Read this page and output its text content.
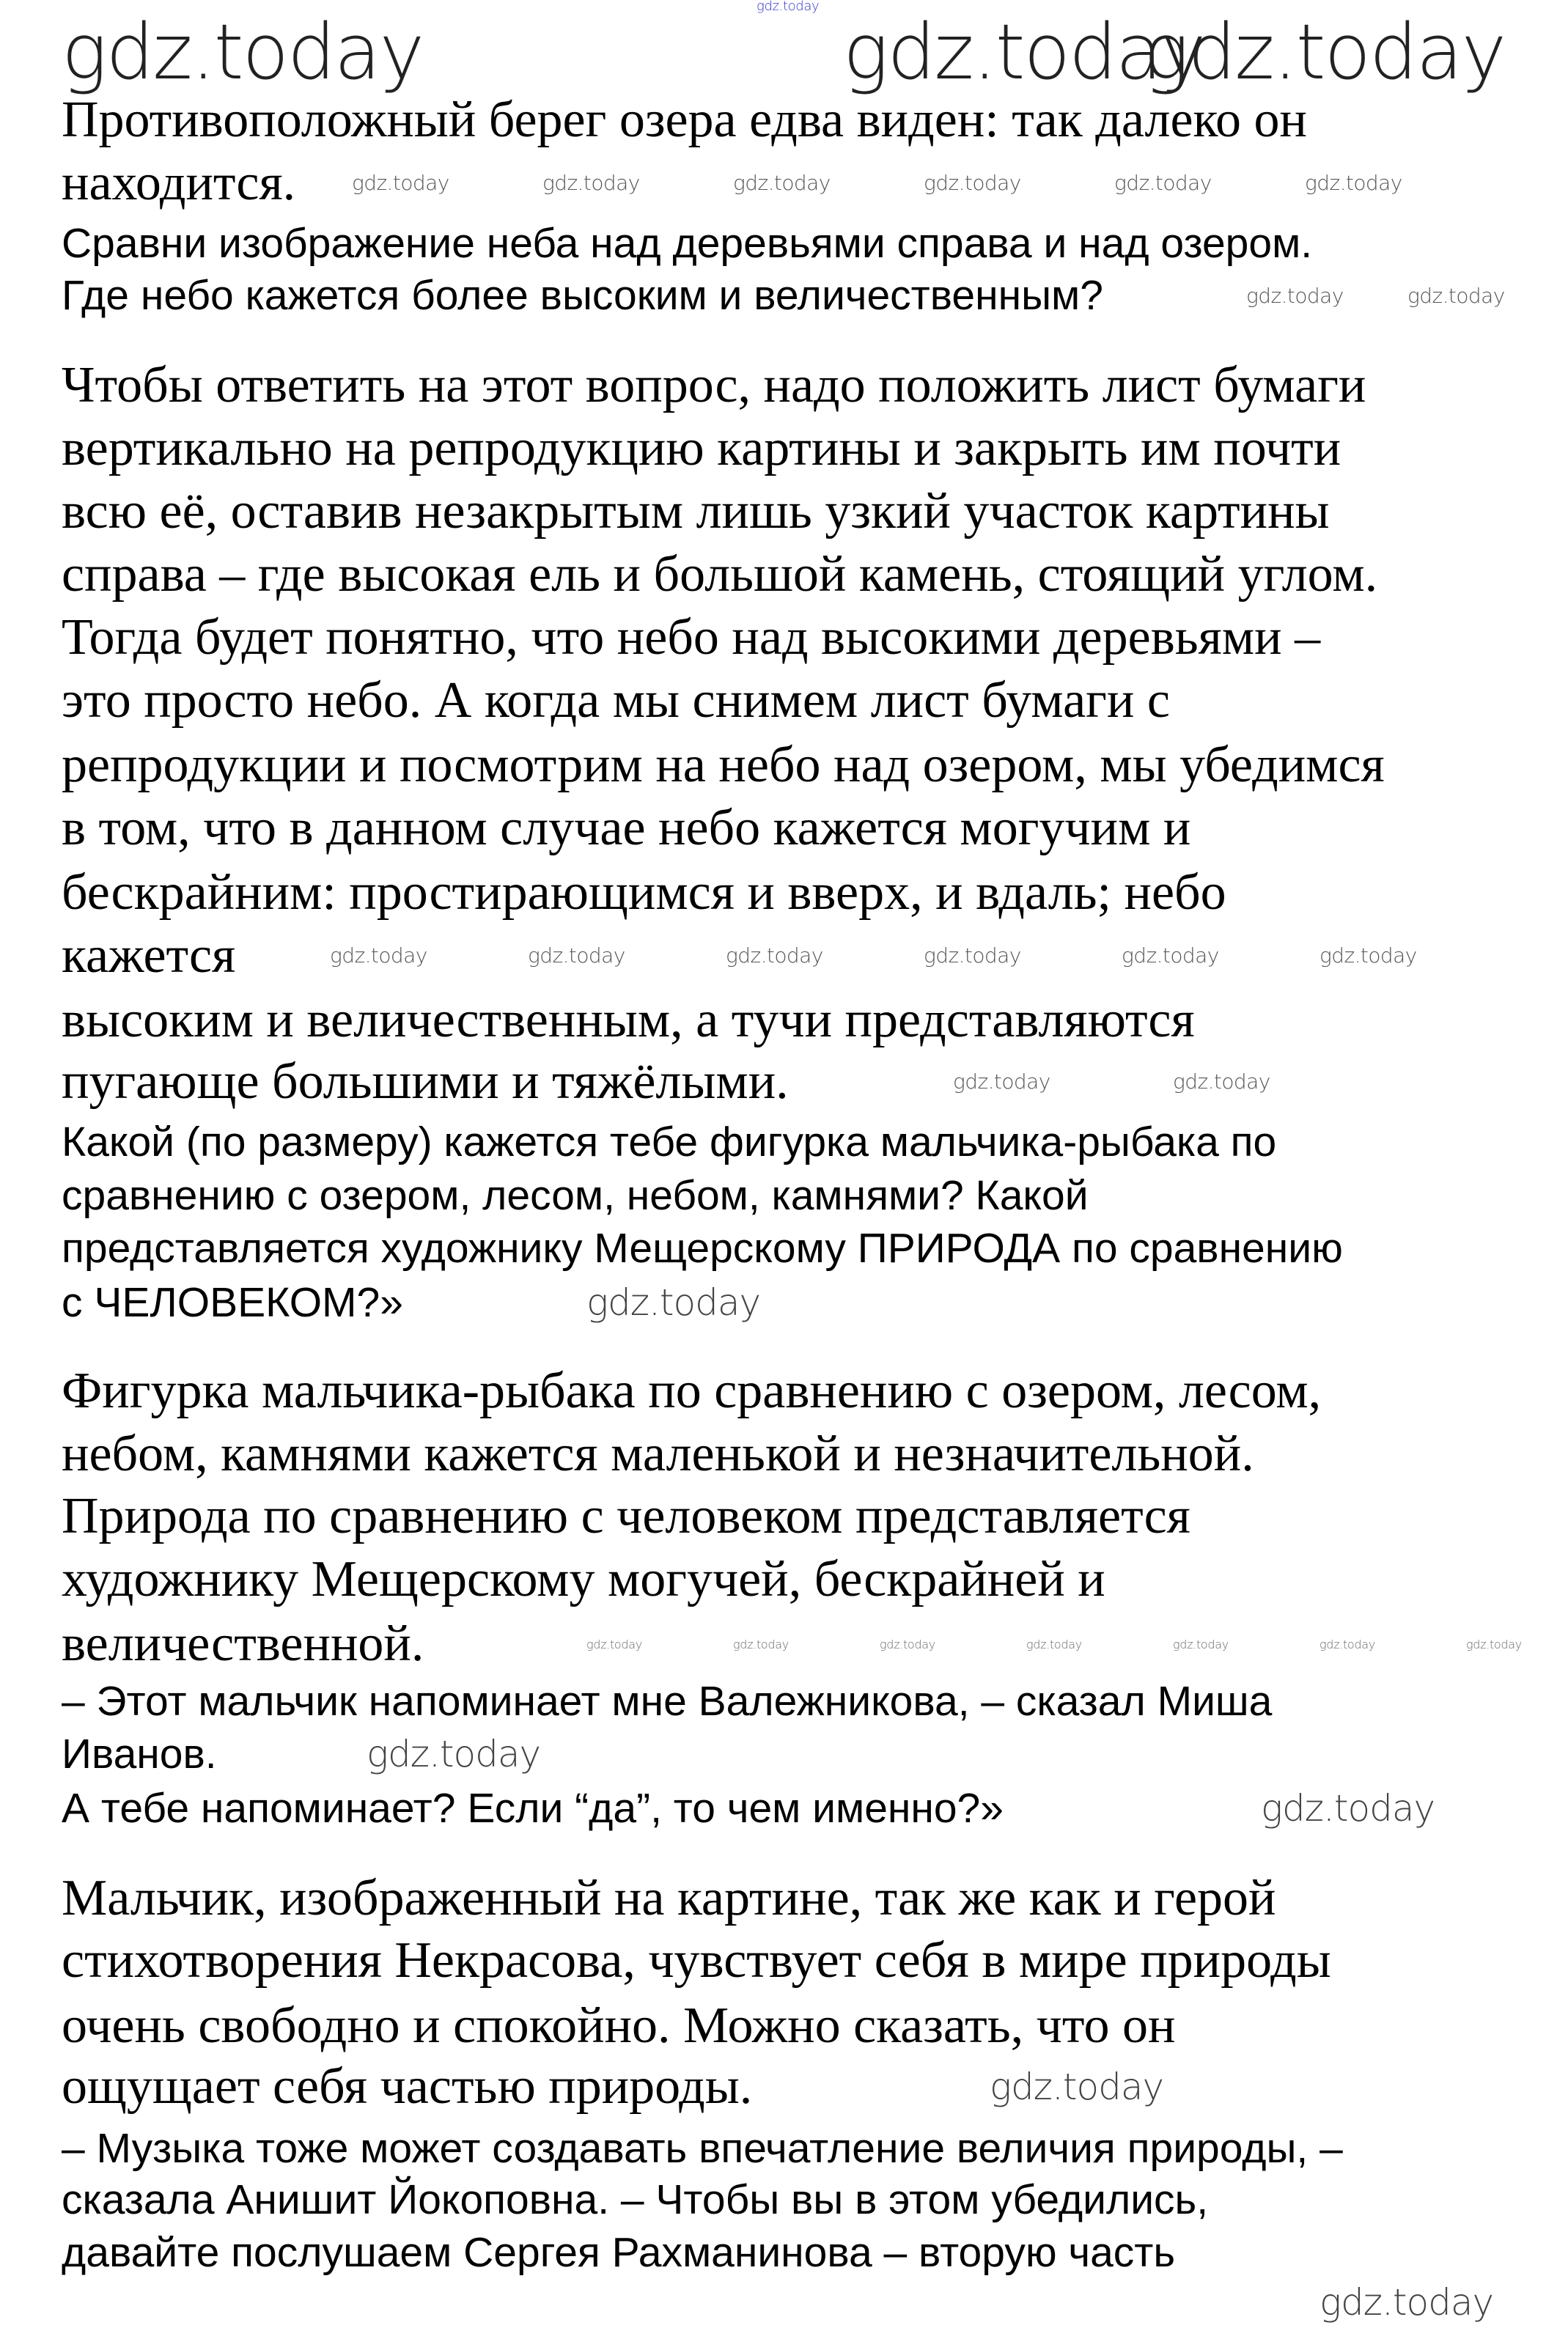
Противоположный берег озера едва виден: так далеко он
находится.
Сравни изображение неба над деревьями справа и над озером.
Где небо кажется более высоким и величественным?
Чтобы ответить на этот вопрос, надо положить лист бумаги
вертикально на репродукцию картины и закрыть им почти
всю её, оставив незакрытым лишь узкий участок картины
справа – где высокая ель и большой камень, стоящий углом.
Тогда будет понятно, что небо над высокими деревьями –
это просто небо. А когда мы снимем лист бумаги с
репродукции и посмотрим на небо над озером, мы убедимся
в том, что в данном случае небо кажется могучим и
бескрайним: простирающимся и вверх, и вдаль; небо
кажется
высоким и величественным, а тучи представляются
пугающе большими и тяжёлыми.
Какой (по размеру) кажется тебе фигурка мальчика-рыбака по
сравнению с озером, лесом, небом, камнями? Какой
представляется художнику Мещерскому ПРИРОДА по сравнению
с ЧЕЛОВЕКОМ?»
Фигурка мальчика-рыбака по сравнению с озером, лесом,
небом, камнями кажется маленькой и незначительной.
Природа по сравнению с человеком представляется
художнику Мещерскому могучей, бескрайней и
величественной.
– Этот мальчик напоминает мне Валежникова, – сказал Миша
Иванов.
А тебе напоминает? Если “да”, то чем именно?»
Мальчик, изображенный на картине, так же как и герой
стихотворения Некрасова, чувствует себя в мире природы
очень свободно и спокойно. Можно сказать, что он
ощущает себя частью природы.
– Музыка тоже может создавать впечатление величия природы, –
сказала Анишит Йокоповна. – Чтобы вы в этом убедились,
давайте послушаем Сергея Рахманинова – вторую часть
gdz.today
gdz.today	gdz.today
gdz.today
gdz.today	gdz.today	gdz.today	gdz.today	gdz.today	gdz.today
gdz.today	gdz.today
gdz.today	gdz.today	gdz.today	gdz.today	gdz.today	gdz.today
gdz.today	gdz.today
gdz.today
gdz.today	gdz.today	gdz.today	gdz.today	gdz.today	gdz.today	gdz.today
gdz.today
gdz.today
gdz.today
gdz.today
